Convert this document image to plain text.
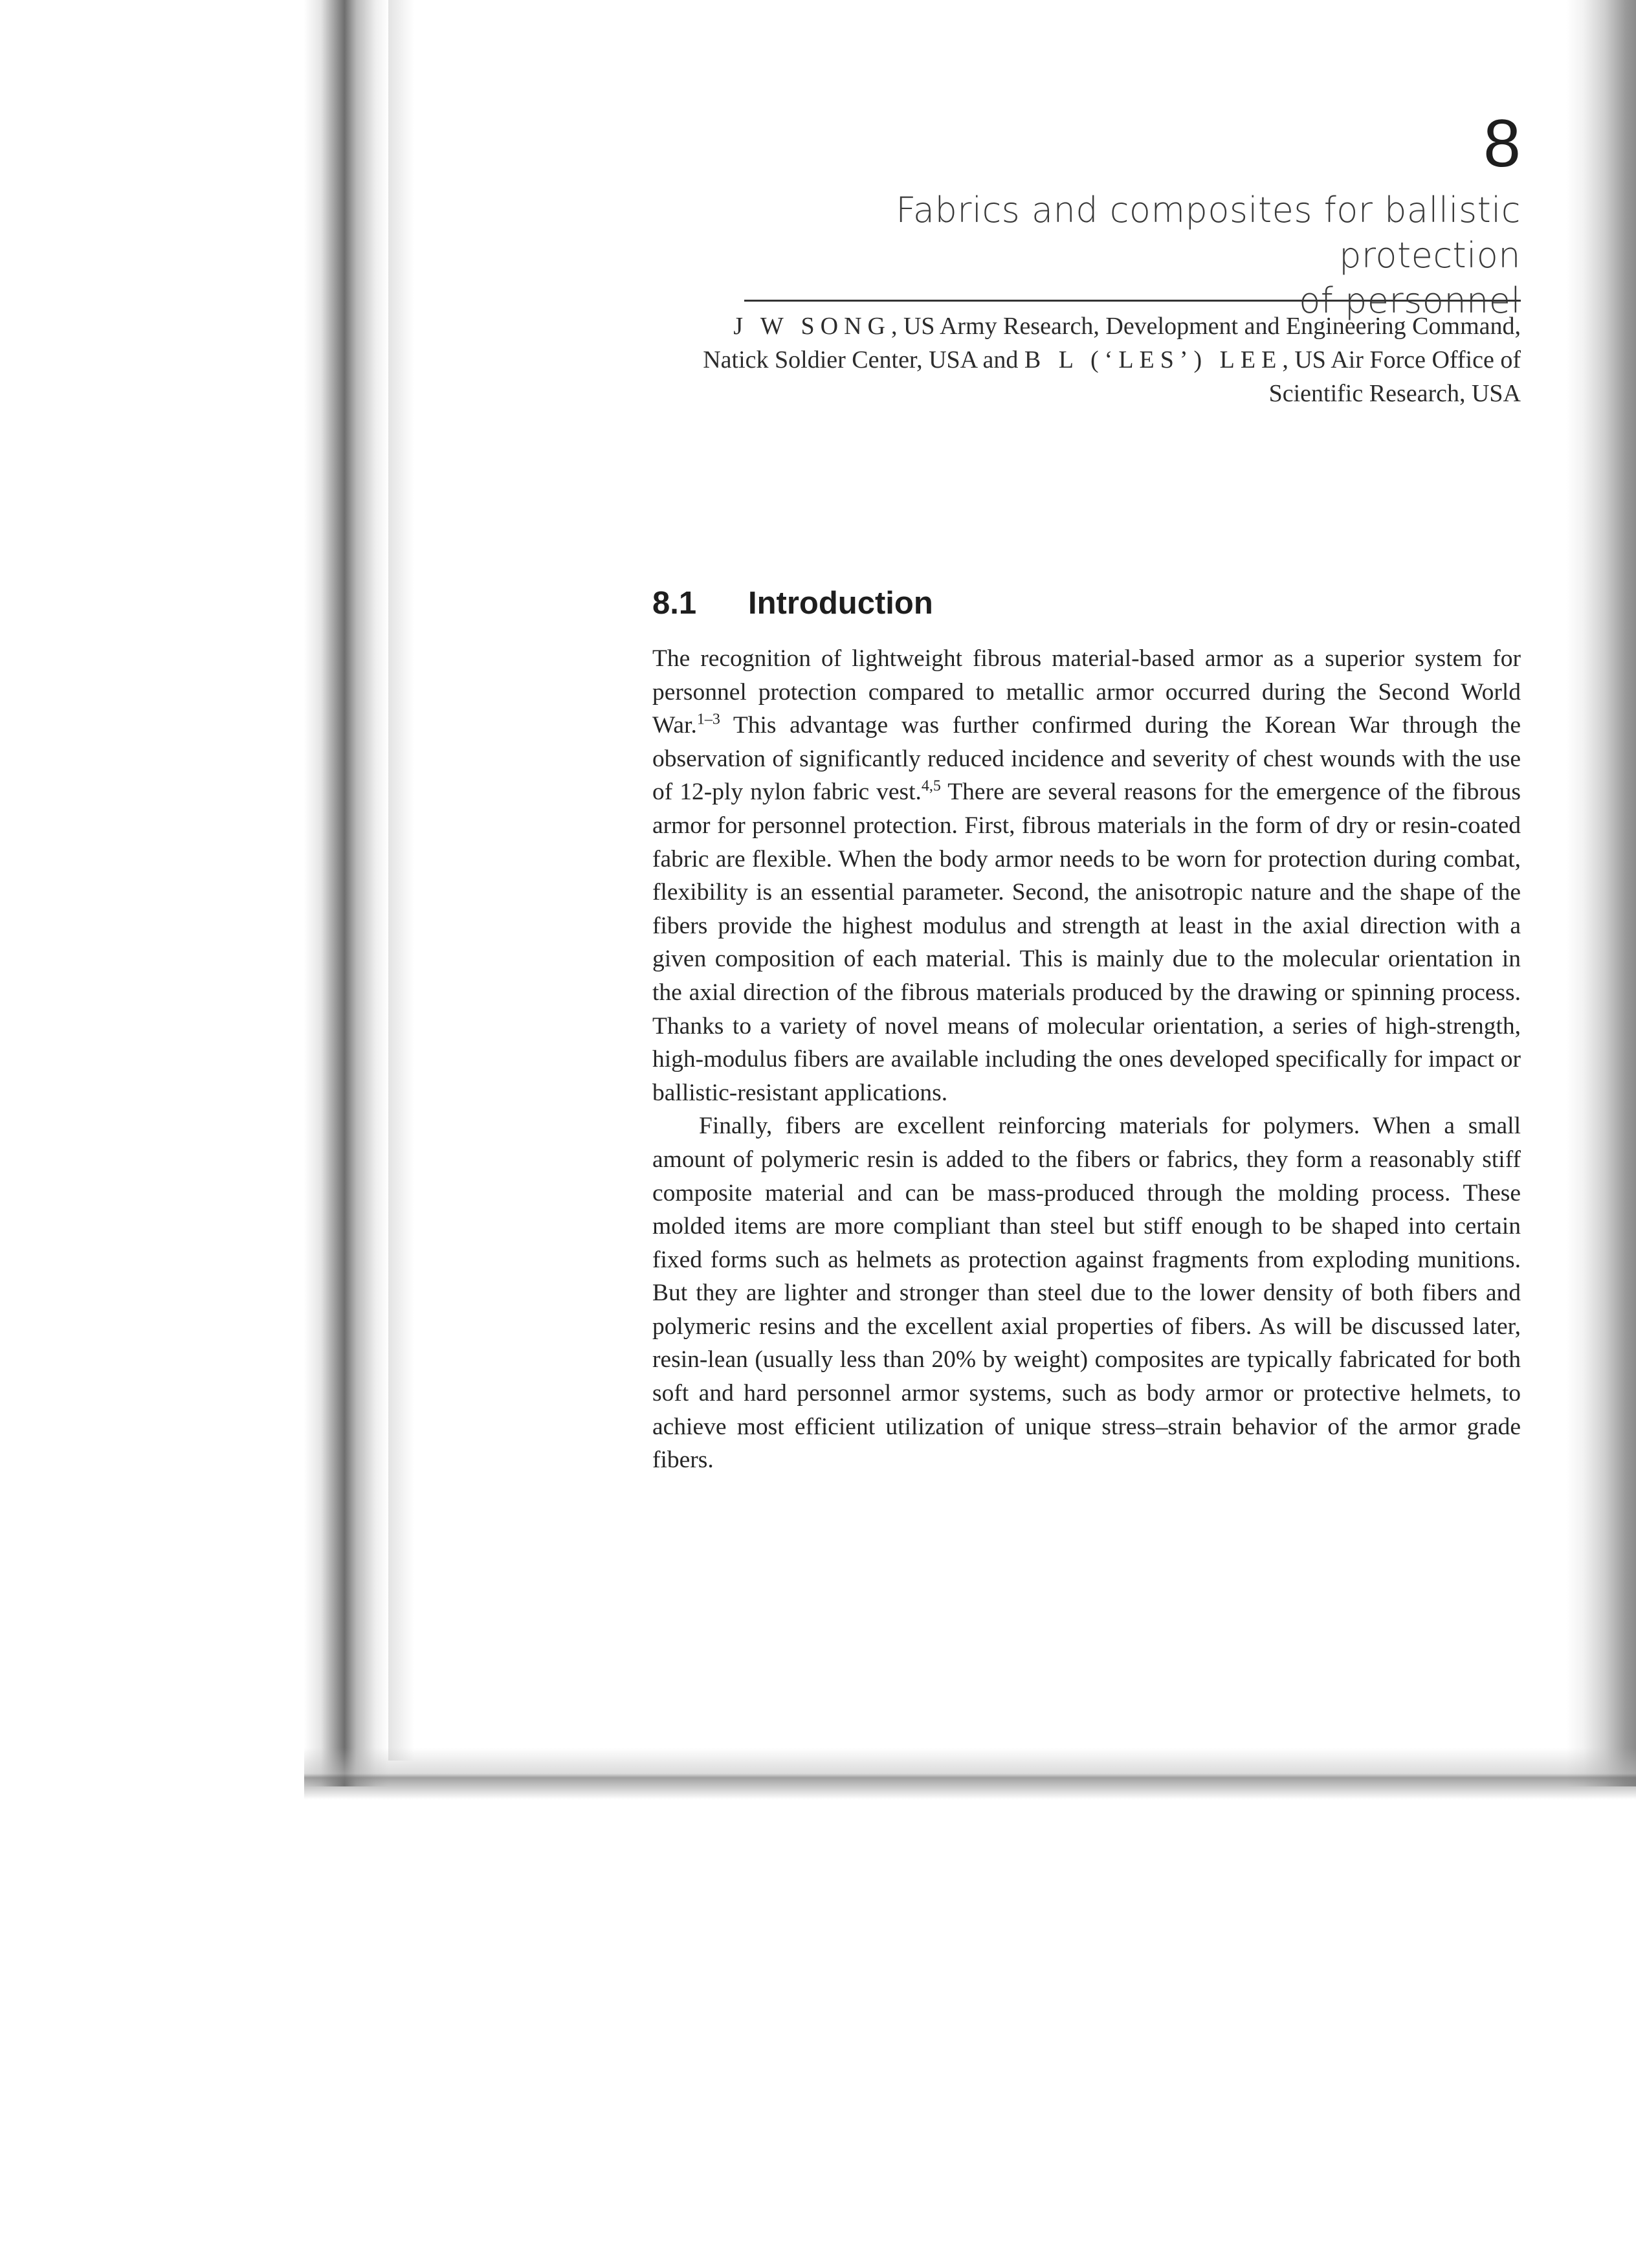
8
Fabrics and composites for ballistic protection
of personnel
J W SONG, US Army Research, Development and Engineering Command, Natick Soldier Center, USA and B L (‘LES’) LEE, US Air Force Office of Scientific Research, USA
8.1 Introduction

The recognition of lightweight fibrous material-based armor as a superior system for personnel protection compared to metallic armor occurred during the Second World War.$^{1-3}$ This advantage was further confirmed during the Korean War through the observation of significantly reduced incidence and severity of chest wounds with the use of 12-ply nylon fabric vest.$^{4,5}$ There are several reasons for the emergence of the fibrous armor for personnel protection. First, fibrous materials in the form of dry or resin-coated fabric are flexible. When the body armor needs to be worn for protection during combat, flexibility is an essential parameter. Second, the anisotropic nature and the shape of the fibers provide the highest modulus and strength at least in the axial direction with a given composition of each material. This is mainly due to the molecular orientation in the axial direction of the fibrous materials produced by the drawing or spinning process. Thanks to a variety of novel means of molecular orientation, a series of high-strength, high-modulus fibers are available including the ones developed specifically for impact or ballistic-resistant applications.

Finally, fibers are excellent reinforcing materials for polymers. When a small amount of polymeric resin is added to the fibers or fabrics, they form a reasonably stiff composite material and can be mass-produced through the molding process. These molded items are more compliant than steel but stiff enough to be shaped into certain fixed forms such as helmets as protection against fragments from exploding munitions. But they are lighter and stronger than steel due to the lower density of both fibers and polymeric resins and the excellent axial properties of fibers. As will be discussed later, resin-lean (usually less than 20% by weight) composites are typically fabricated for both soft and hard personnel armor systems, such as body armor or protective helmets, to achieve most efficient utilization of unique stress–strain behavior of the armor grade fibers.
